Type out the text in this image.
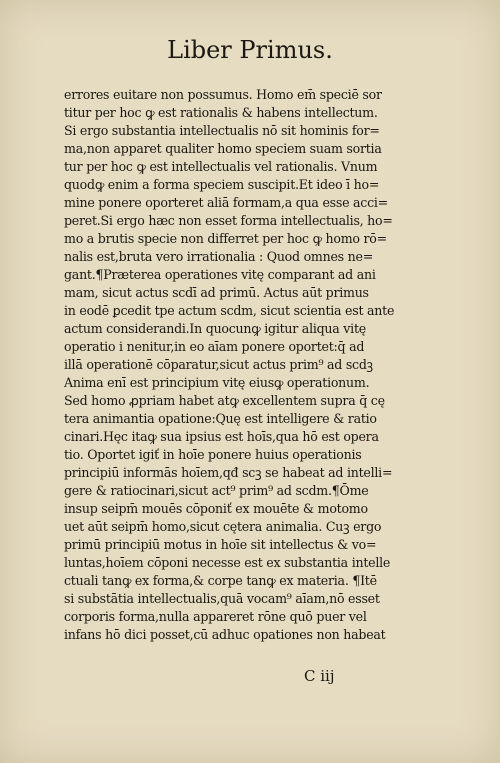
Liber Primus.
errores euitare non possumus. Homo em̄ speciē sor
titur per hoc ꝙ est rationalis & habens intellectum.
Si ergo substantia intellectualis nō sit hominis for=
ma,non apparet qualiter homo speciem suam sortia
tur per hoc ꝙ est intellectualis vel rationalis. Vnum
quodꝙ enim a forma speciem suscipit.Et ideo ī ho=
mine ponere oporteret aliā formam,a qua esse acci=
peret.Si ergo hæc non esset forma intellectualis, ho=
mo a brutis specie non differret per hoc ꝙ homo rō=
nalis est,bruta vero irrationalia : Quod omnes ne=
gant.¶Præterea operationes vitę comparant ad ani
mam, sicut actus scdī ad primū. Actus aūt primus
in eodē ꝑcedit tpe actum scdm, sicut scientia est ante
actum considerandi.In quocunꝙ igitur aliqua vitę
operatio i nenitur,in eo aīam ponere oportet:q̄ ad
illā operationē cōparatur,sicut actus prim⁹ ad scdꝫ
Anima enī est principium vitę eiusꝙ operationum.
Sed homo ꝓpriam habet atꝙ excellentem supra q̄ cę
tera animantia opatione:Quę est intelligere & ratio
cinari.Hęc itaꝙ sua ipsius est hoīs,qua hō est opera
tio. Oportet igiť in hoīe ponere huius operationis
principiū informās hoīem,qđ scꝫ se habeat ad intelli=
gere & ratiocinari,sicut act⁹ prim⁹ ad scdm.¶Ōme
insup seipm̄ mouēs cōponiť ex mouēte & motomo
uet aūt seipm̄ homo,sicut cętera animalia. Cuꝫ ergo
primū principiū motus in hoīe sit intellectus & vo=
luntas,hoīem cōponi necesse est ex substantia intelle
ctuali tanꝙ ex forma,& corpe tanꝙ ex materia. ¶Itē
si substātia intellectualis,quā vocam⁹ aīam,nō esset
corporis forma,nulla appareret rōne quō puer vel
infans hō dici posset,cū adhuc opationes non habeat
C iij
